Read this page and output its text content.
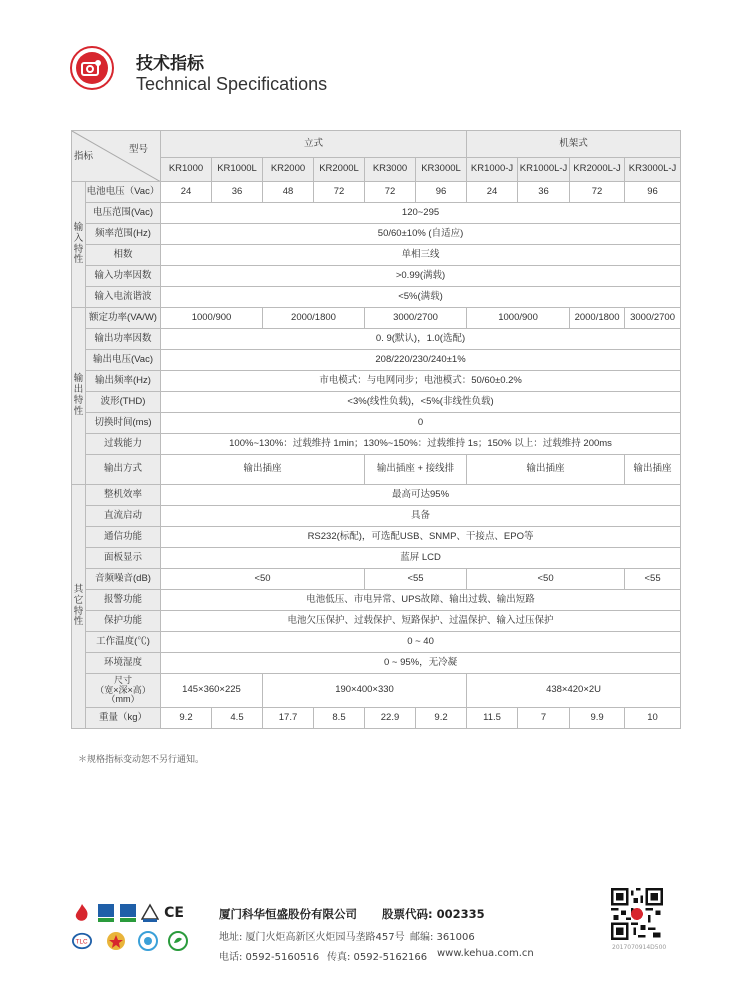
技术指标
Technical Specifications
型号
指标		立式						机架式			
		KR1000	KR1000L	KR2000	KR2000L	KR3000	KR3000L	KR1000-J	KR1000L-J	KR2000L-J	KR3000L-J
输
入
特
性	电池电压（Vac）	24	36	48	72	72	96	24	36	72	96
	电压范围(Vac)	120~295									
	频率范围(Hz)	50/60±10% (自适应)									
	相数	单相三线									
	输入功率因数	>0.99(满载)									
	输入电流谐波	<5%(满载)									
输
出
特
性	额定功率(VA/W)	1000/900		2000/1800		3000/2700		1000/900		2000/1800	3000/2700
	输出功率因数	0. 9(默认)，1.0(选配)									
	输出电压(Vac)	208/220/230/240±1%									
	输出频率(Hz)	市电模式：与电网同步；电池模式：50/60±0.2%									
	波形(THD)	<3%(线性负载)，<5%(非线性负载)									
	切换时间(ms)	0									
	过载能力	100%~130%：过载维持 1min；130%~150%：过载维持 1s；150% 以上：过载维持 200ms									
	输出方式	输出插座				输出插座 + 接线排		输出插座			输出插座
其
它
特
性	整机效率	最高可达95%									
	直流启动	具备									
	通信功能	RS232(标配)，可选配USB、SNMP、干接点、EPO等									
	面板显示	蓝屏 LCD									
	音频噪音(dB)	<50				<55		<50			<55
	报警功能	电池低压、市电异常、UPS故障、输出过载、输出短路									
	保护功能	电池欠压保护、过载保护、短路保护、过温保护、输入过压保护									
	工作温度(℃)	0 ~ 40									
	环境湿度	0 ~ 95%，无冷凝									
	尺寸
（宽×深×高）
（mm）	145×360×225		190×400×330				438×420×2U			
	重量（kg）	9.2	4.5	17.7	8.5	22.9	9.2	11.5	7	9.9	10
＊规格指标变动恕不另行通知。
CE
TLC
厦门科华恒盛股份有限公司 股票代码: 002335
地址: 厦门火炬高新区火炬园马垄路457号 邮编: 361006
电话: 0592-5160516 传真: 0592-5162166 www.kehua.com.cn
2017070914D500
